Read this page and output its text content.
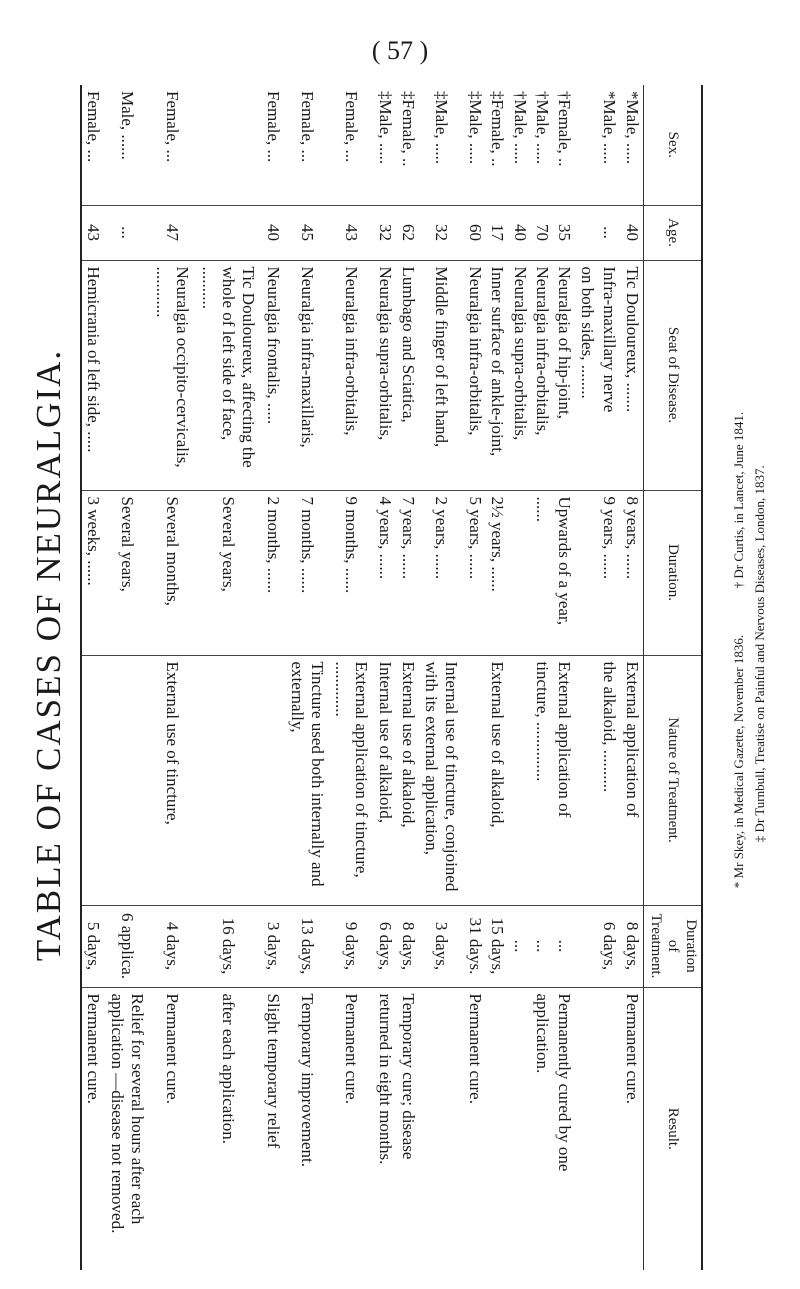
( 57 )
TABLE OF CASES OF NEURALGIA.
Sex.	Age.	Seat of Disease.	Duration.	Nature of Treatment.	Duration of Treatment.	Result.
*Male, .....	40	Tic Douloureux, .......	8 years, ......	External application of	8 days,	Permanent cure.
*Male, .....	...	Infra-maxillary nerve	9 years, ......	the alkaloid, ..........	6 days,	
		on both sides, ........				
†Female, ..	35	Neuralgia of hip-joint,	Upwards of a year,	External application of	...	Permanently cured by one
†Male, .....	70	Neuralgia infra-orbitalis,	......	tincture, ..............	...	application.
†Male, .....	40	Neuralgia supra-orbitalis,			...	
‡Female, ..	17	Inner surface of ankle-joint,	2½ years, ......	External use of alkaloid,	15 days,	
‡Male, .....	60	Neuralgia infra-orbitalis,	5 years, ......		31 days.	Permanent cure.
‡Male, .....	32	Middle finger of left hand,	2 years, ......	Internal use of tincture, conjoined with its external application,	3 days,	
‡Female, ..	62	Lumbago and Sciatica,	7 years, ......	External use of alkaloid,	8 days,	Temporary cure; disease
‡Male, .....	32	Neuralgia supra-orbitalis,	4 years, ......	Internal use of alkaloid,	6 days,	returned in eight months.
Female, ...	43	Neuralgia infra-orbitalis,	9 months, ......	External application of tincture, .............	9 days,	Permanent cure.
Female, ...	45	Neuralgia infra-maxillaris,	7 months, ......	Tincture used both internally and externally,	13 days,	Temporary improvement.
Female, ...	40	Neuralgia frontalis, .....	2 months, ......		3 days,	Slight temporary relief
		Tic Douloureux, affecting the whole of left side of face, ..........	Several years,		16 days,	after each application.
Female, ...	47	Neuralgia occipito-cervicalis, ............	Several months,	External use of tincture,	4 days,	Permanent cure.
Male, ......	...		Several years,		6 applica.	Relief for several hours after each application —disease not removed.
Female, ...	43	Hemicrania of left side, .....	3 weeks, ......		5 days,	Permanent cure.
* Mr Skey, in Medical Gazette, November 1836.  † Dr Curtis, in Lancet, June 1841. ‡ Dr Turnbull, Treatise on Painful and Nervous Diseases, London, 1837.
